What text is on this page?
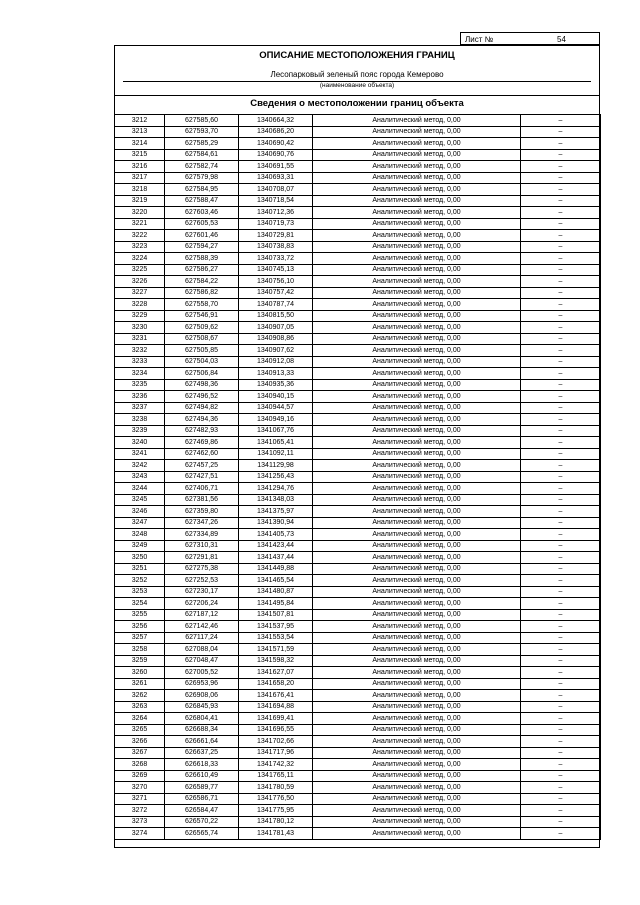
Лист №	54
ОПИСАНИЕ МЕСТОПОЛОЖЕНИЯ ГРАНИЦ
Лесопарковый зеленый пояс города Кемерово
(наименование объекта)
Сведения о местоположении границ объекта
3212	627585,60	1340664,32	Аналитический метод, 0,00	–
3213	627593,70	1340686,20	Аналитический метод, 0,00	–
3214	627585,29	1340690,42	Аналитический метод, 0,00	–
3215	627584,61	1340690,76	Аналитический метод, 0,00	–
3216	627582,74	1340691,55	Аналитический метод, 0,00	–
3217	627579,98	1340693,31	Аналитический метод, 0,00	–
3218	627584,95	1340708,07	Аналитический метод, 0,00	–
3219	627588,47	1340718,54	Аналитический метод, 0,00	–
3220	627603,46	1340712,36	Аналитический метод, 0,00	–
3221	627605,53	1340719,73	Аналитический метод, 0,00	–
3222	627601,46	1340729,81	Аналитический метод, 0,00	–
3223	627594,27	1340738,83	Аналитический метод, 0,00	–
3224	627588,39	1340733,72	Аналитический метод, 0,00	–
3225	627586,27	1340745,13	Аналитический метод, 0,00	–
3226	627584,22	1340756,10	Аналитический метод, 0,00	–
3227	627586,82	1340757,42	Аналитический метод, 0,00	–
3228	627558,70	1340787,74	Аналитический метод, 0,00	–
3229	627546,91	1340815,50	Аналитический метод, 0,00	–
3230	627509,62	1340907,05	Аналитический метод, 0,00	–
3231	627508,67	1340908,86	Аналитический метод, 0,00	–
3232	627505,85	1340907,62	Аналитический метод, 0,00	–
3233	627504,03	1340912,08	Аналитический метод, 0,00	–
3234	627506,84	1340913,33	Аналитический метод, 0,00	–
3235	627498,36	1340935,36	Аналитический метод, 0,00	–
3236	627496,52	1340940,15	Аналитический метод, 0,00	–
3237	627494,82	1340944,57	Аналитический метод, 0,00	–
3238	627494,36	1340949,16	Аналитический метод, 0,00	–
3239	627482,93	1341067,76	Аналитический метод, 0,00	–
3240	627469,86	1341065,41	Аналитический метод, 0,00	–
3241	627462,60	1341092,11	Аналитический метод, 0,00	–
3242	627457,25	1341129,98	Аналитический метод, 0,00	–
3243	627427,51	1341256,43	Аналитический метод, 0,00	–
3244	627406,71	1341294,76	Аналитический метод, 0,00	–
3245	627381,56	1341348,03	Аналитический метод, 0,00	–
3246	627359,80	1341375,97	Аналитический метод, 0,00	–
3247	627347,26	1341390,94	Аналитический метод, 0,00	–
3248	627334,89	1341405,73	Аналитический метод, 0,00	–
3249	627310,31	1341423,44	Аналитический метод, 0,00	–
3250	627291,81	1341437,44	Аналитический метод, 0,00	–
3251	627275,38	1341449,88	Аналитический метод, 0,00	–
3252	627252,53	1341465,54	Аналитический метод, 0,00	–
3253	627230,17	1341480,87	Аналитический метод, 0,00	–
3254	627206,24	1341495,84	Аналитический метод, 0,00	–
3255	627187,12	1341507,81	Аналитический метод, 0,00	–
3256	627142,46	1341537,95	Аналитический метод, 0,00	–
3257	627117,24	1341553,54	Аналитический метод, 0,00	–
3258	627088,04	1341571,59	Аналитический метод, 0,00	–
3259	627048,47	1341598,32	Аналитический метод, 0,00	–
3260	627005,52	1341627,07	Аналитический метод, 0,00	–
3261	626953,96	1341658,20	Аналитический метод, 0,00	–
3262	626908,06	1341676,41	Аналитический метод, 0,00	–
3263	626845,93	1341694,88	Аналитический метод, 0,00	–
3264	626804,41	1341699,41	Аналитический метод, 0,00	–
3265	626688,34	1341696,55	Аналитический метод, 0,00	–
3266	626661,64	1341702,66	Аналитический метод, 0,00	–
3267	626637,25	1341717,96	Аналитический метод, 0,00	–
3268	626618,33	1341742,32	Аналитический метод, 0,00	–
3269	626610,49	1341765,11	Аналитический метод, 0,00	–
3270	626589,77	1341780,59	Аналитический метод, 0,00	–
3271	626586,71	1341776,50	Аналитический метод, 0,00	–
3272	626584,47	1341775,95	Аналитический метод, 0,00	–
3273	626570,22	1341780,12	Аналитический метод, 0,00	–
3274	626565,74	1341781,43	Аналитический метод, 0,00	–
